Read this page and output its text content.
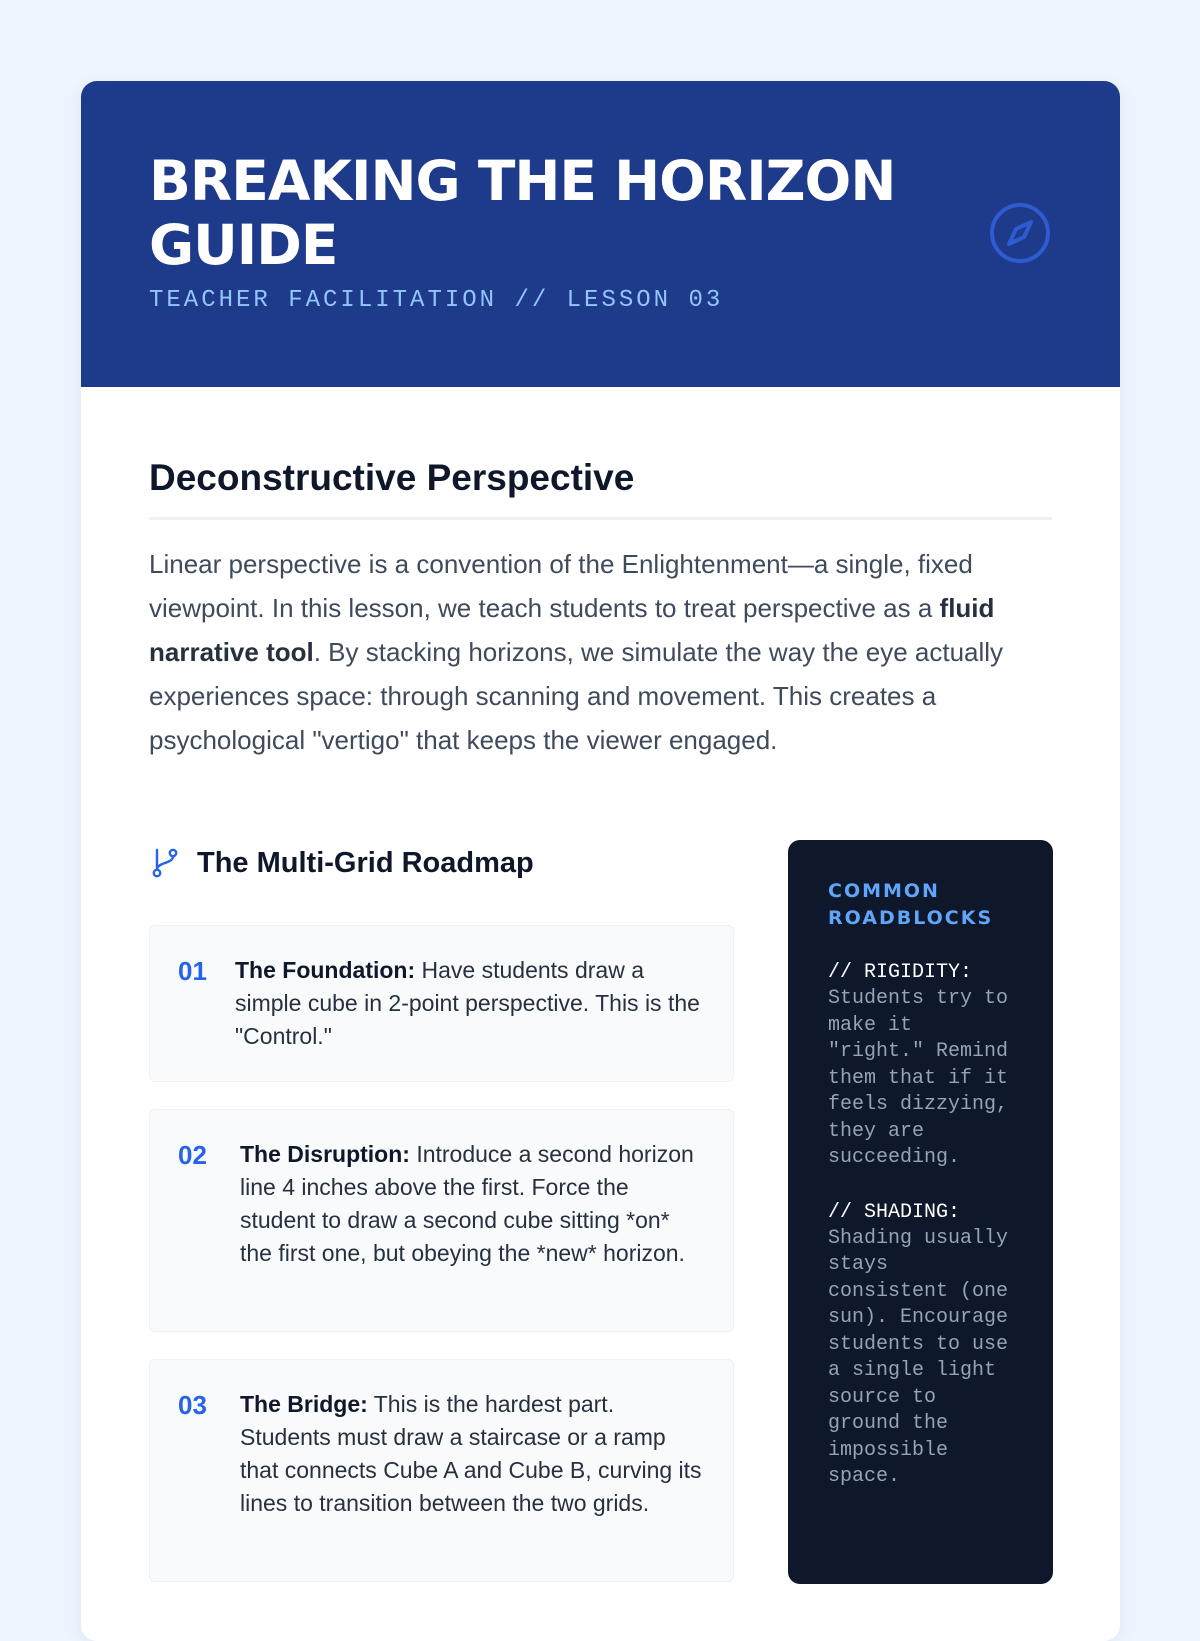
BREAKING THE HORIZON GUIDE
TEACHER FACILITATION // LESSON 03
Deconstructive Perspective

Linear perspective is a convention of the Enlightenment—a single, fixed viewpoint. In this lesson, we teach students to treat perspective as a fluid narrative tool. By stacking horizons, we simulate the way the eye actually experiences space: through scanning and movement. This creates a psychological "vertigo" that keeps the viewer engaged.

The Multi-Grid Roadmap
01 The Foundation: Have students draw a simple cube in 2-point perspective. This is the "Control."

02 The Disruption: Introduce a second horizon line 4 inches above the first. Force the student to draw a second cube sitting *on* the first one, but obeying the *new* horizon.

03 The Bridge: This is the hardest part. Students must draw a staircase or a ramp that connects Cube A and Cube B, curving its lines to transition between the two grids.

COMMON ROADBLOCKS
// RIGIDITY:
Students try to make it "right." Remind them that if it feels dizzying, they are succeeding.
// SHADING:
Shading usually stays consistent (one sun). Encourage students to use a single light source to ground the impossible space.
